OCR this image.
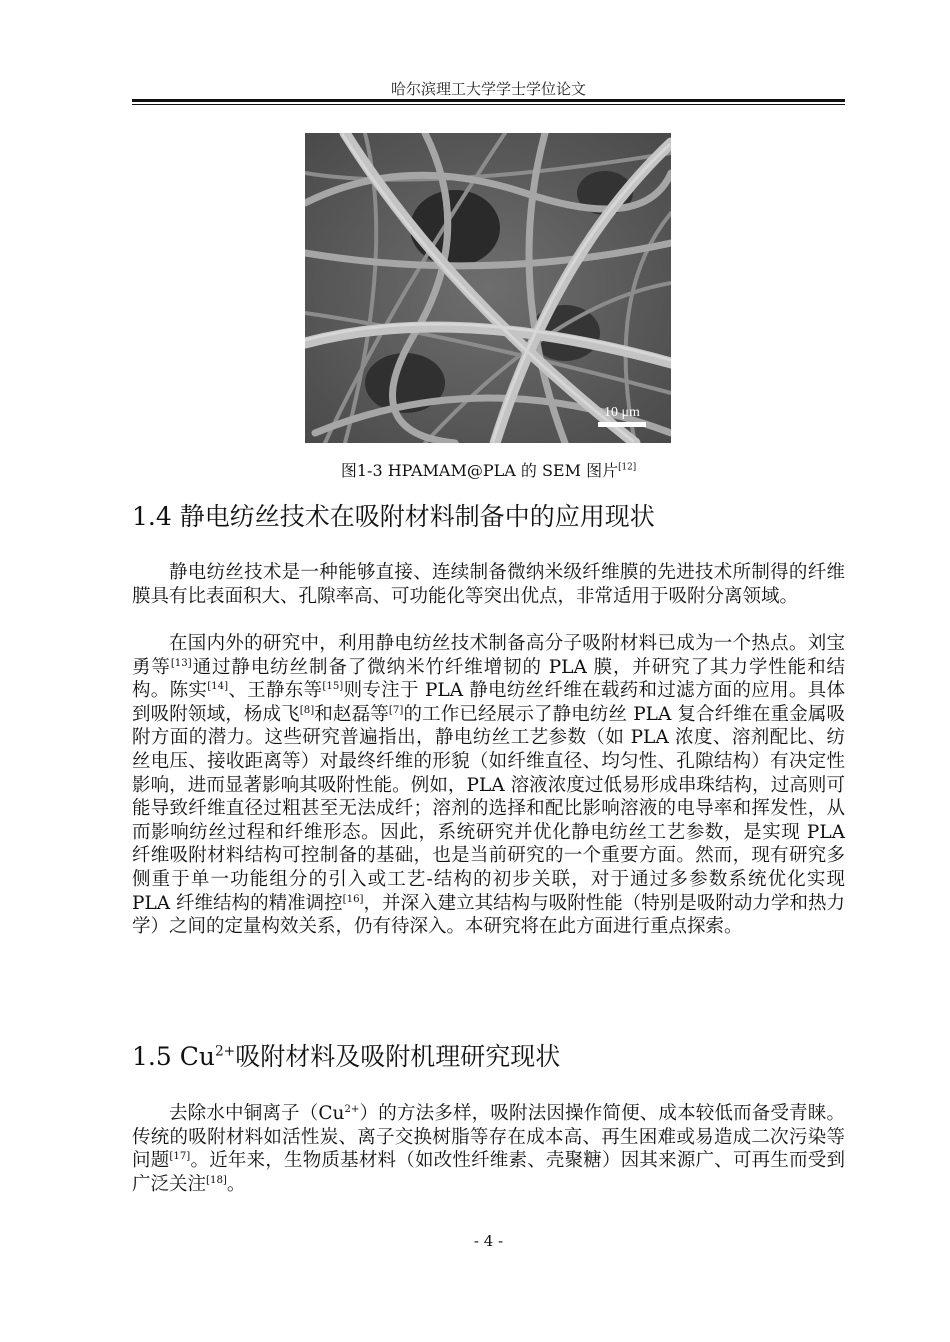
哈尔滨理工大学学士学位论文
10 μm
图1-3 HPAMAM@PLA 的 SEM 图片[12]
1.4 静电纺丝技术在吸附材料制备中的应用现状
静电纺丝技术是一种能够直接、连续制备微纳米级纤维膜的先进技术所制得的纤维膜具有比表面积大、孔隙率高、可功能化等突出优点，非常适用于吸附分离领域。
在国内外的研究中，利用静电纺丝技术制备高分子吸附材料已成为一个热点。刘宝勇等[13]通过静电纺丝制备了微纳米竹纤维增韧的 PLA 膜，并研究了其力学性能和结构。陈实[14]、王静东等[15]则专注于 PLA 静电纺丝纤维在载药和过滤方面的应用。具体到吸附领域，杨成飞[8]和赵磊等[7]的工作已经展示了静电纺丝 PLA 复合纤维在重金属吸附方面的潜力。这些研究普遍指出，静电纺丝工艺参数（如 PLA 浓度、溶剂配比、纺丝电压、接收距离等）对最终纤维的形貌（如纤维直径、均匀性、孔隙结构）有决定性影响，进而显著影响其吸附性能。例如，PLA 溶液浓度过低易形成串珠结构，过高则可能导致纤维直径过粗甚至无法成纤；溶剂的选择和配比影响溶液的电导率和挥发性，从而影响纺丝过程和纤维形态。因此，系统研究并优化静电纺丝工艺参数，是实现 PLA 纤维吸附材料结构可控制备的基础，也是当前研究的一个重要方面。然而，现有研究多侧重于单一功能组分的引入或工艺-结构的初步关联，对于通过多参数系统优化实现 PLA 纤维结构的精准调控[16]，并深入建立其结构与吸附性能（特别是吸附动力学和热力学）之间的定量构效关系，仍有待深入。本研究将在此方面进行重点探索。
1.5 $Cu^{2+}$吸附材料及吸附机理研究现状
去除水中铜离子$(Cu^{2+})$的方法多样，吸附法因操作简便、成本较低而备受青睐。传统的吸附材料如活性炭、离子交换树脂等存在成本高、再生困难或易造成二次污染等问题[17]。近年来，生物质基材料（如改性纤维素、壳聚糖）因其来源广、可再生而受到广泛关注[18]。
- 4 -
